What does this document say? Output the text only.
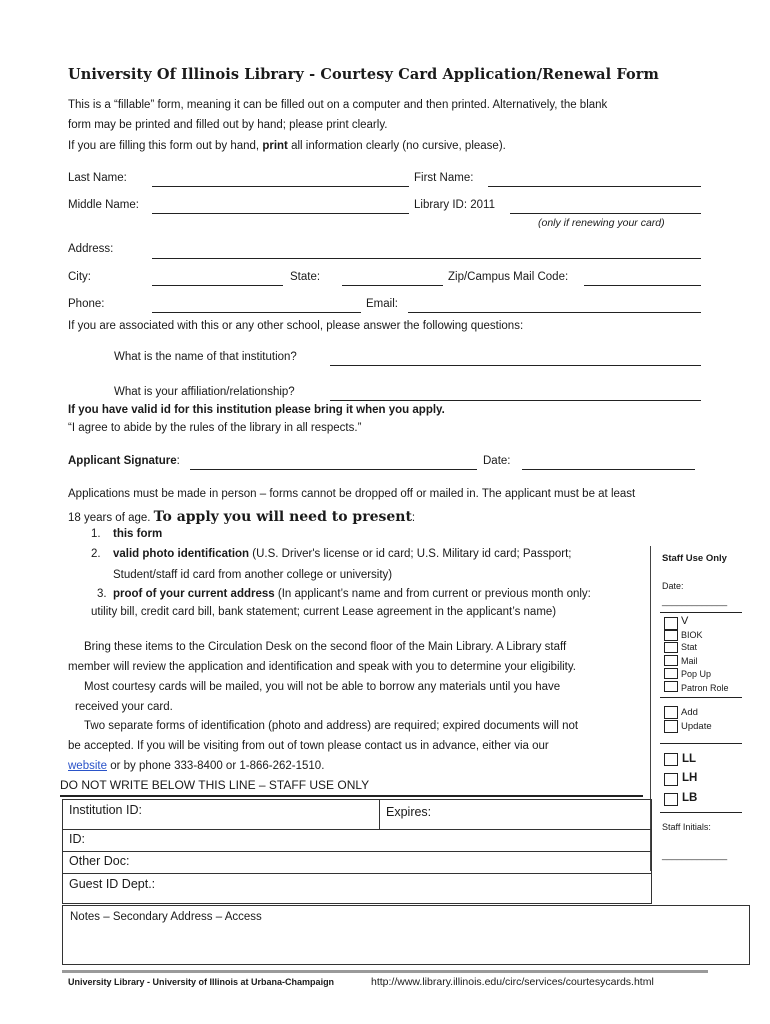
University Of Illinois Library - Courtesy Card Application/Renewal Form
This is a “fillable” form, meaning it can be filled out on a computer and then printed. Alternatively, the blank
form may be printed and filled out by hand; please print clearly.
If you are filling this form out by hand, print all information clearly (no cursive, please).
Last Name:	First Name:
Middle Name:	Library ID: 2011
(only if renewing your card)
Address:
City:	State:	Zip/Campus Mail Code:
Phone:	Email:
If you are associated with this or any other school, please answer the following questions:
What is the name of that institution?
What is your affiliation/relationship?
If you have valid id for this institution please bring it when you apply.
“I agree to abide by the rules of the library in all respects.”
Applicant Signature:	Date:
Applications must be made in person – forms cannot be dropped off or mailed in. The applicant must be at least
18 years of age. To apply you will need to present:
1. this form
2. valid photo identification (U.S. Driver's license or id card; U.S. Military id card; Passport;
Student/staff id card from another college or university)
3. proof of your current address (In applicant’s name and from current or previous month only:
utility bill, credit card bill, bank statement; current Lease agreement in the applicant’s name)
Bring these items to the Circulation Desk on the second floor of the Main Library. A Library staff
member will review the application and identification and speak with you to determine your eligibility.
Most courtesy cards will be mailed, you will not be able to borrow any materials until you have
received your card.
Two separate forms of identification (photo and address) are required; expired documents will not
be accepted. If you will be visiting from out of town please contact us in advance, either via our
website or by phone 333-8400 or 1-866-262-1510.
Staff Use Only
Date:
_____________
V
BIOK
Stat
Mail
Pop Up
Patron Role
Add
Update
LL
LH
LB
Staff Initials:
_____________
DO NOT WRITE BELOW THIS LINE – STAFF USE ONLY
Institution ID:	Expires:
ID:
Other Doc:
Guest ID Dept.:
Notes – Secondary Address – Access
University Library - University of Illinois at Urbana-Champaign	http://www.library.illinois.edu/circ/services/courtesycards.html
